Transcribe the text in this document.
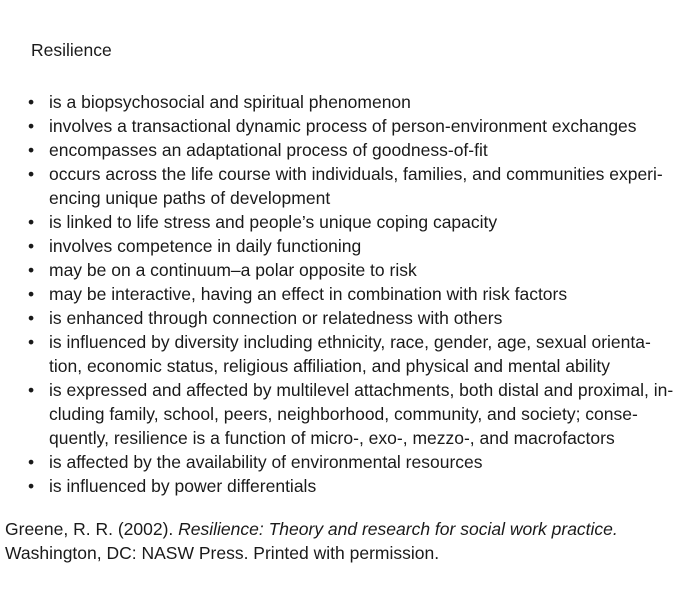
Resilience
• is a biopsychosocial and spiritual phenomenon
• involves a transactional dynamic process of person-environment exchanges
• encompasses an adaptational process of goodness-of-fit
• occurs across the life course with individuals, families, and communities experi-
encing unique paths of development
• is linked to life stress and people’s unique coping capacity
• involves competence in daily functioning
• may be on a continuum–a polar opposite to risk
• may be interactive, having an effect in combination with risk factors
• is enhanced through connection or relatedness with others
• is influenced by diversity including ethnicity, race, gender, age, sexual orienta-
tion, economic status, religious affiliation, and physical and mental ability
• is expressed and affected by multilevel attachments, both distal and proximal, in-
cluding family, school, peers, neighborhood, community, and society; conse-
quently, resilience is a function of micro-, exo-, mezzo-, and macrofactors
• is affected by the availability of environmental resources
• is influenced by power differentials
Greene, R. R. (2002). Resilience: Theory and research for social work practice.
Washington, DC: NASW Press. Printed with permission.
